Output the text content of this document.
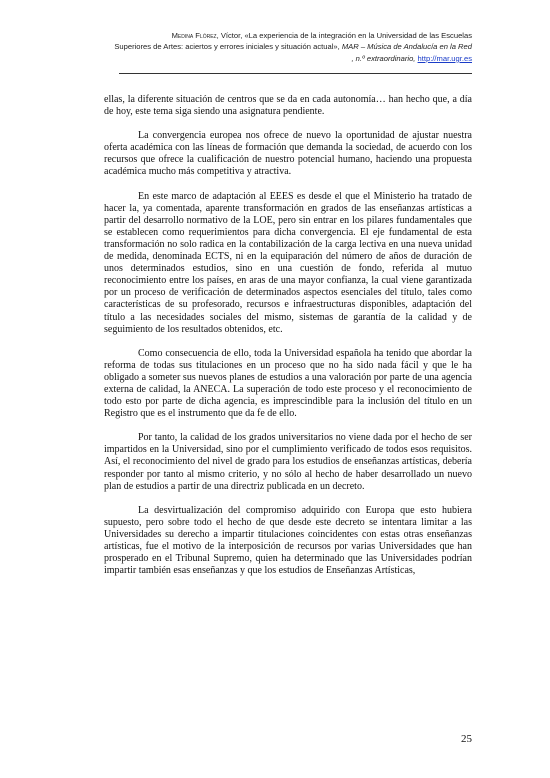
Medina Flórez, Víctor, «La experiencia de la integración en la Universidad de las Escuelas
Superiores de Artes: aciertos y errores iniciales y situación actual», MAR – Música de Andalucía en la Red
, n.º extraordinario, http://mar.ugr.es

ellas, la diferente situación de centros que se da en cada autonomía… han hecho que, a día de hoy, este tema siga siendo una asignatura pendiente.

La convergencia europea nos ofrece de nuevo la oportunidad de ajustar nuestra oferta académica con las líneas de formación que demanda la sociedad, de acuerdo con los recursos que ofrece la cualificación de nuestro potencial humano, haciendo una propuesta académica mucho más competitiva y atractiva.

En este marco de adaptación al EEES es desde el que el Ministerio ha tratado de hacer la, ya comentada, aparente transformación en grados de las enseñanzas artísticas a partir del desarrollo normativo de la LOE, pero sin entrar en los pilares fundamentales que se establecen como requerimientos para dicha convergencia. El eje fundamental de esta transformación no solo radica en la contabilización de la carga lectiva en una nueva unidad de medida, denominada ECTS, ni en la equiparación del número de años de duración de unos determinados estudios, sino en una cuestión de fondo, referida al mutuo reconocimiento entre los países, en aras de una mayor confianza, la cual viene garantizada por un proceso de verificación de determinados aspectos esenciales del título, tales como características de su profesorado, recursos e infraestructuras disponibles, adaptación del título a las necesidades sociales del mismo, sistemas de garantía de la calidad y de seguimiento de los resultados obtenidos, etc.

Como consecuencia de ello, toda la Universidad española ha tenido que abordar la reforma de todas sus titulaciones en un proceso que no ha sido nada fácil y que le ha obligado a someter sus nuevos planes de estudios a una valoración por parte de una agencia externa de calidad, la ANECA. La superación de todo este proceso y el reconocimiento de todo esto por parte de dicha agencia, es imprescindible para la inclusión del título en un Registro que es el instrumento que da fe de ello.

Por tanto, la calidad de los grados universitarios no viene dada por el hecho de ser impartidos en la Universidad, sino por el cumplimiento verificado de todos esos requisitos. Así, el reconocimiento del nivel de grado para los estudios de enseñanzas artísticas, debería responder por tanto al mismo criterio, y no sólo al hecho de haber desarrollado un nuevo plan de estudios a partir de una directriz publicada en un decreto.

La desvirtualización del compromiso adquirido con Europa que esto hubiera supuesto, pero sobre todo el hecho de que desde este decreto se intentara limitar a las Universidades su derecho a impartir titulaciones coincidentes con estas otras enseñanzas artísticas, fue el motivo de la interposición de recursos por varias Universidades que han prosperado en el Tribunal Supremo, quien ha determinado que las Universidades podrían impartir también esas enseñanzas y que los estudios de Enseñanzas Artísticas,

25
